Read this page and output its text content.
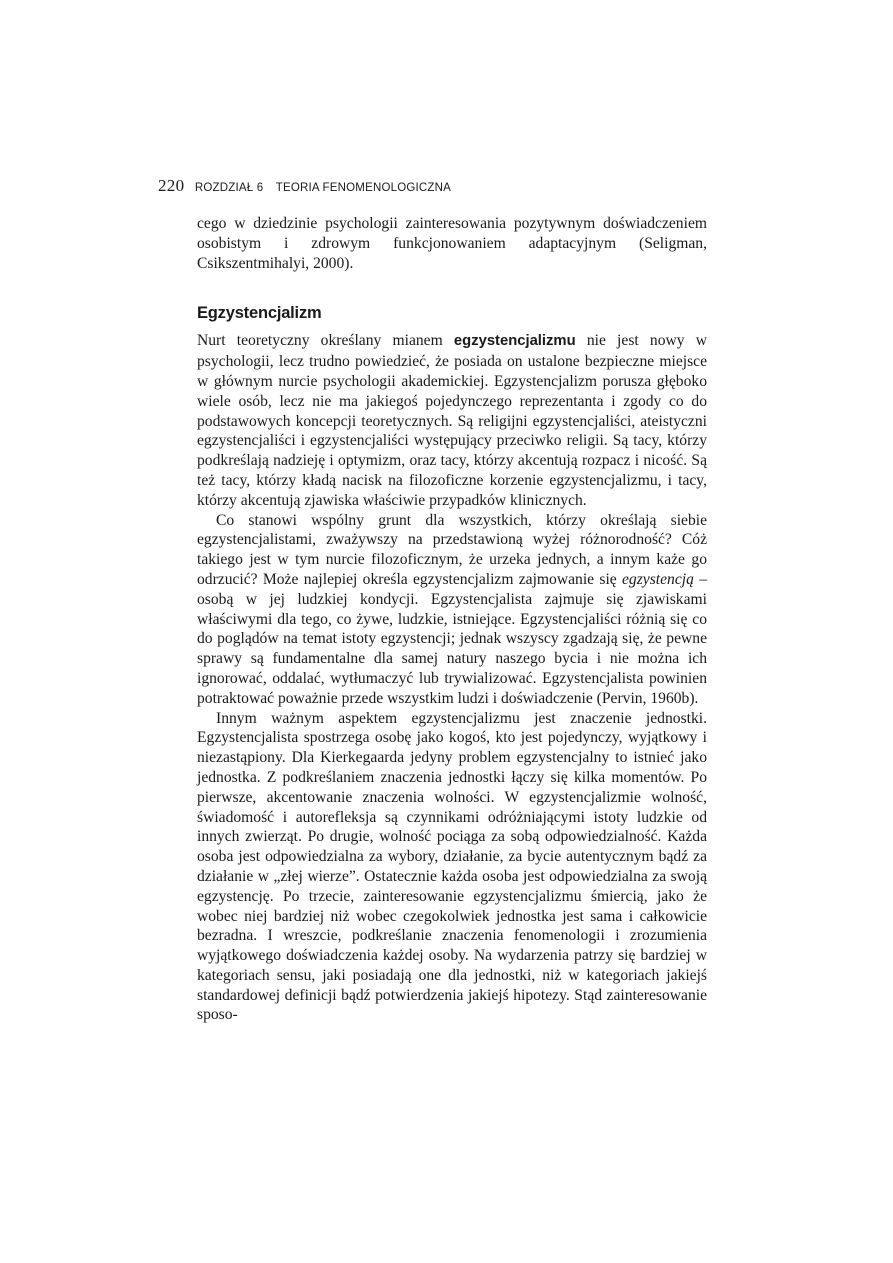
220 ROZDZIAŁ 6 TEORIA FENOMENOLOGICZNA

cego w dziedzinie psychologii zainteresowania pozytywnym doświadczeniem osobistym i zdrowym funkcjonowaniem adaptacyjnym (Seligman, Csikszentmihalyi, 2000).

Egzystencjalizm

Nurt teoretyczny określany mianem egzystencjalizmu nie jest nowy w psychologii, lecz trudno powiedzieć, że posiada on ustalone bezpieczne miejsce w głównym nurcie psychologii akademickiej. Egzystencjalizm porusza głęboko wiele osób, lecz nie ma jakiegoś pojedynczego reprezentanta i zgody co do podstawowych koncepcji teoretycznych. Są religijni egzystencjaliści, ateistyczni egzystencjaliści i egzystencjaliści występujący przeciwko religii. Są tacy, którzy podkreślają nadzieję i optymizm, oraz tacy, którzy akcentują rozpacz i nicość. Są też tacy, którzy kładą nacisk na filozoficzne korzenie egzystencjalizmu, i tacy, którzy akcentują zjawiska właściwie przypadków klinicznych.

Co stanowi wspólny grunt dla wszystkich, którzy określają siebie egzystencjalistami, zważywszy na przedstawioną wyżej różnorodność? Cóż takiego jest w tym nurcie filozoficznym, że urzeka jednych, a innym każe go odrzucić? Może najlepiej określa egzystencjalizm zajmowanie się egzystencją – osobą w jej ludzkiej kondycji. Egzystencjalista zajmuje się zjawiskami właściwymi dla tego, co żywe, ludzkie, istniejące. Egzystencjaliści różnią się co do poglądów na temat istoty egzystencji; jednak wszyscy zgadzają się, że pewne sprawy są fundamentalne dla samej natury naszego bycia i nie można ich ignorować, oddalać, wytłumaczyć lub trywializować. Egzystencjalista powinien potraktować poważnie przede wszystkim ludzi i doświadczenie (Pervin, 1960b).

Innym ważnym aspektem egzystencjalizmu jest znaczenie jednostki. Egzystencjalista spostrzega osobę jako kogoś, kto jest pojedynczy, wyjątkowy i niezastąpiony. Dla Kierkegaarda jedyny problem egzystencjalny to istnieć jako jednostka. Z podkreślaniem znaczenia jednostki łączy się kilka momentów. Po pierwsze, akcentowanie znaczenia wolności. W egzystencjalizmie wolność, świadomość i autorefleksja są czynnikami odróżniającymi istoty ludzkie od innych zwierząt. Po drugie, wolność pociąga za sobą odpowiedzialność. Każda osoba jest odpowiedzialna za wybory, działanie, za bycie autentycznym bądź za działanie w „złej wierze”. Ostatecznie każda osoba jest odpowiedzialna za swoją egzystencję. Po trzecie, zainteresowanie egzystencjalizmu śmiercią, jako że wobec niej bardziej niż wobec czegokolwiek jednostka jest sama i całkowicie bezradna. I wreszcie, podkreślanie znaczenia fenomenologii i zrozumienia wyjątkowego doświadczenia każdej osoby. Na wydarzenia patrzy się bardziej w kategoriach sensu, jaki posiadają one dla jednostki, niż w kategoriach jakiejś standardowej definicji bądź potwierdzenia jakiejś hipotezy. Stąd zainteresowanie sposo-
